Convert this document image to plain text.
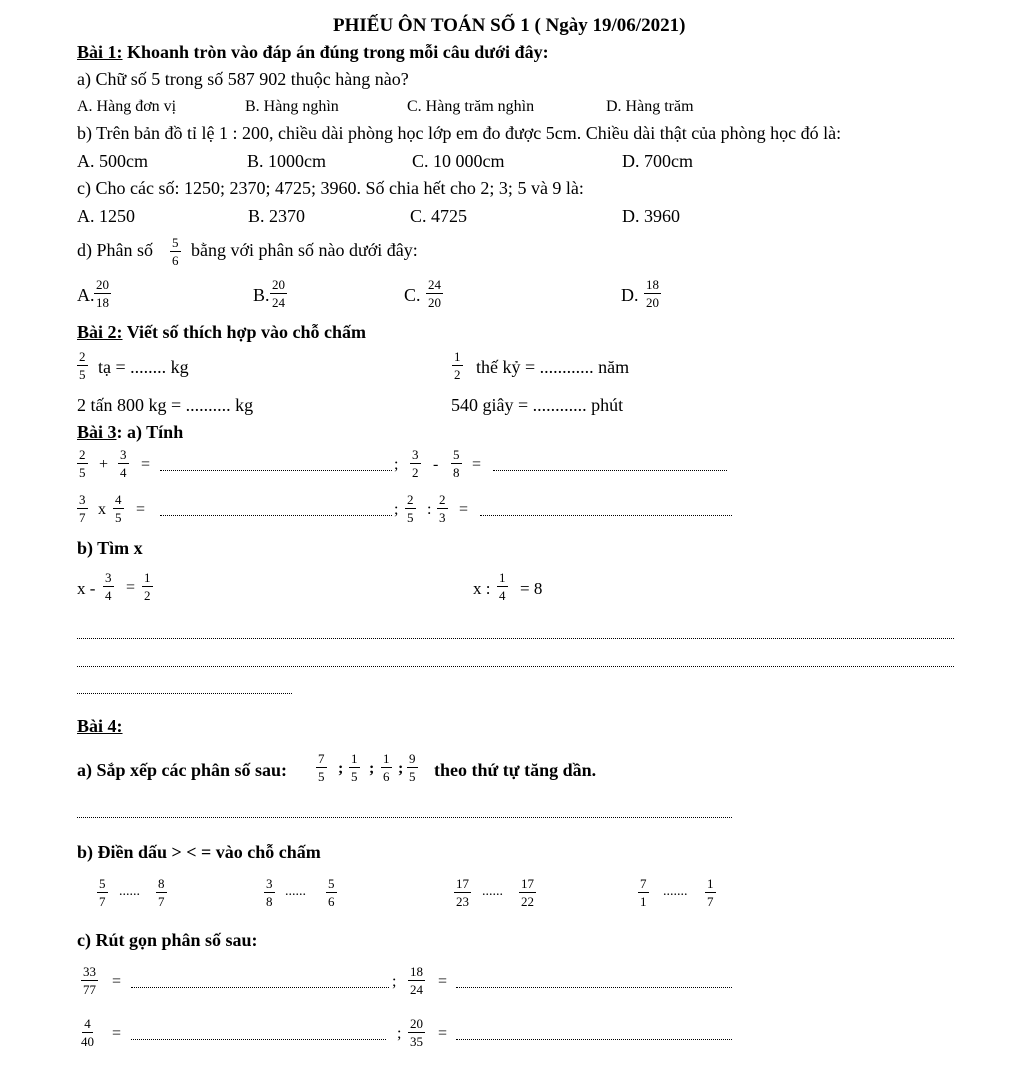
PHIẾU ÔN TOÁN SỐ 1 ( Ngày 19/06/2021)
Bài 1: Khoanh tròn vào đáp án đúng trong mỗi câu dưới đây:
a) Chữ số 5 trong số 587 902 thuộc hàng nào?
A. Hàng đơn vị	B. Hàng nghìn	C. Hàng trăm nghìn	D. Hàng trăm
b) Trên bản đồ tỉ lệ 1 : 200, chiều dài phòng học lớp em đo được 5cm. Chiều dài thật của phòng học đó là:
A. 500cm	B. 1000cm	C. 10 000cm	D. 700cm
c) Cho các số: 1250; 2370; 4725; 3960. Số chia hết cho 2; 3; 5 và 9 là:
A. 1250	B. 2370	C. 4725	D. 3960
d) Phân số $\frac{5}{6}$ bằng với phân số nào dưới đây:
A. $\frac{20}{18}$	B. $\frac{20}{24}$	C. $\frac{24}{20}$	D. $\frac{18}{20}$
Bài 2: Viết số thích hợp vào chỗ chấm
$\frac{2}{5}$ tạ = ........ kg	$\frac{1}{2}$ thế kỷ = ............ năm
2 tấn 800 kg = .......... kg	540 giây = ............ phút
Bài 3: a) Tính
$\frac{2}{5} + \frac{3}{4}$ =	; $\frac{3}{2} - \frac{5}{8}$ =
$\frac{3}{7}$ x $\frac{4}{5}$ =	; $\frac{2}{5}$ : $\frac{2}{3}$ =
b) Tìm x
$x - \frac{3}{4} = \frac{1}{2}$	x : $\frac{1}{4} = 8$
Bài 4:
a) Sắp xếp các phân số sau: $\frac{7}{5}$ ; $\frac{1}{5}$ ; $\frac{1}{6}$ ; $\frac{9}{5}$ theo thứ tự tăng dần.
b) Điền dấu > < = vào chỗ chấm
$\frac{5}{7}$ ...... $\frac{8}{7}$	$\frac{3}{8}$ ...... $\frac{5}{6}$	$\frac{17}{23}$ ...... $\frac{17}{22}$	$\frac{7}{1}$ ....... $\frac{1}{7}$
c) Rút gọn phân số sau:
$\frac{33}{77}$ =	; $\frac{18}{24}$ =
$\frac{4}{40}$ =	; $\frac{20}{35}$ =
